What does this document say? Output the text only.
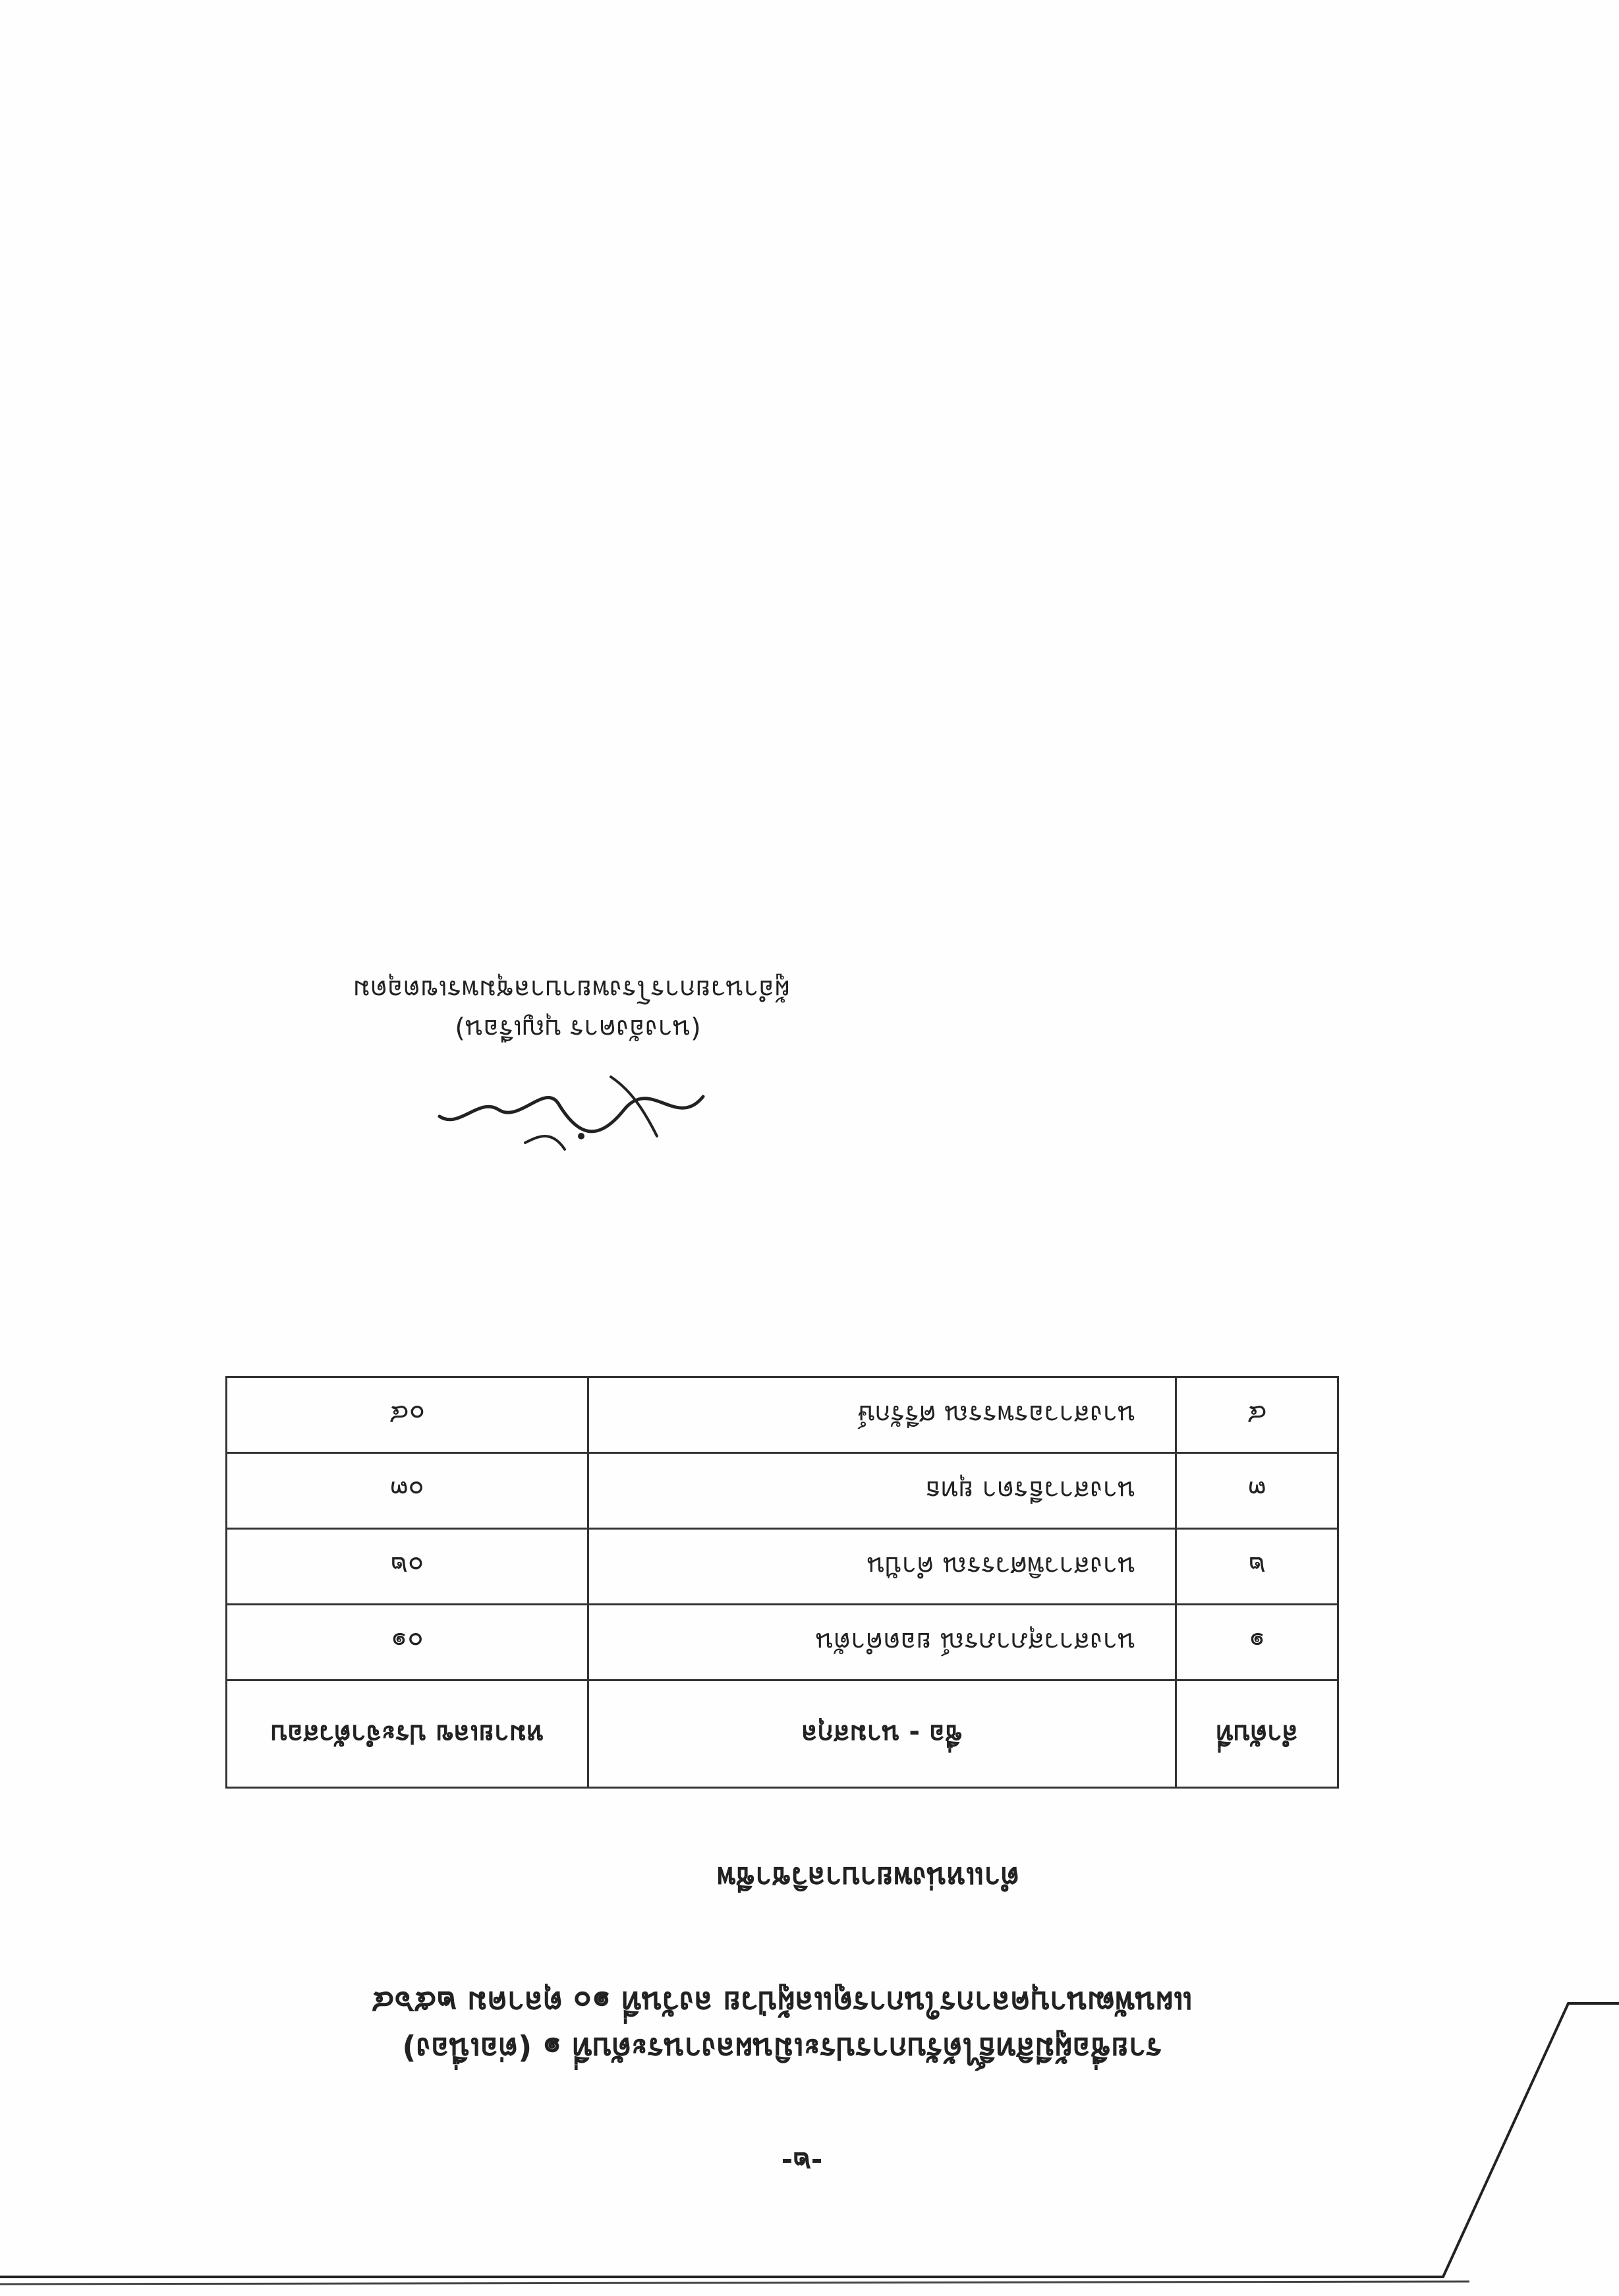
-๒-
รายชื่อผู้มีสิทธิ์ได้รับการประเมินผลงานระดับที่ ๑ (ต่อเนื่อง)
แผนพัฒนาบุคลากรในการดูแลผู้ป่วย ลงวันที่ ๑๐ ตุลาคม ๒๕๖๔
ตำแหน่งพยาบาลวิชาชีพ
ลำดับที่	ชื่อ - นามสกุล	หมายเลข ประจำตัวสอบ
๑	นางสาวสุภาภรณ์ ยอดคำตัน	๐๑
๒	นางสาวพิศวรรณ คำปัน	๐๒
๓	นางสาวธีรดา ยุทธ	๐๓
๔	นางสาวอรพรรณ ศรีรักษ์	๐๔
(นางอังคาร บุญเรือน)
ผู้อำนวยการโรงพยาบาลชุมพรเขตอุดม
